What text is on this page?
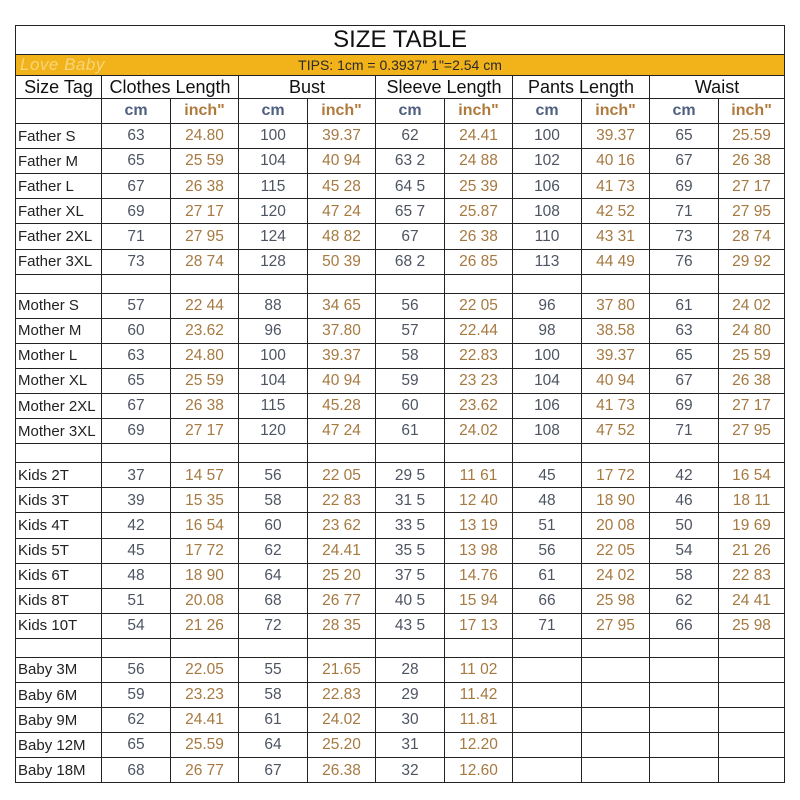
SIZE TABLE										

Love Baby TIPS: 1cm = 0.3937" 1"=2.54 cm										
Size Tag	Clothes Length		Bust		Sleeve Length		Pants Length		Waist	
	cm	inch"	cm	inch"	cm	inch"	cm	inch"	cm	inch"
Father S	63	24.80	100	39.37	62	24.41	100	39.37	65	25.59
Father M	65	25 59	104	40 94	63 2	24 88	102	40 16	67	26 38
Father L	67	26 38	115	45 28	64 5	25 39	106	41 73	69	27 17
Father XL	69	27 17	120	47 24	65 7	25.87	108	42 52	71	27 95
Father 2XL	71	27 95	124	48 82	67	26 38	110	43 31	73	28 74
Father 3XL	73	28 74	128	50 39	68 2	26 85	113	44 49	76	29 92

Mother S	57	22 44	88	34 65	56	22 05	96	37 80	61	24 02
Mother M	60	23.62	96	37.80	57	22.44	98	38.58	63	24 80
Mother L	63	24.80	100	39.37	58	22.83	100	39.37	65	25 59
Mother XL	65	25 59	104	40 94	59	23 23	104	40 94	67	26 38
Mother 2XL	67	26 38	115	45.28	60	23.62	106	41 73	69	27 17
Mother 3XL	69	27 17	120	47 24	61	24.02	108	47 52	71	27 95

Kids 2T	37	14 57	56	22 05	29 5	11 61	45	17 72	42	16 54
Kids 3T	39	15 35	58	22 83	31 5	12 40	48	18 90	46	18 11
Kids 4T	42	16 54	60	23 62	33 5	13 19	51	20 08	50	19 69
Kids 5T	45	17 72	62	24.41	35 5	13 98	56	22 05	54	21 26
Kids 6T	48	18 90	64	25 20	37 5	14.76	61	24 02	58	22 83
Kids 8T	51	20.08	68	26 77	40 5	15 94	66	25 98	62	24 41
Kids 10T	54	21 26	72	28 35	43 5	17 13	71	27 95	66	25 98

Baby 3M	56	22.05	55	21.65	28	11 02				
Baby 6M	59	23.23	58	22.83	29	11.42				
Baby 9M	62	24.41	61	24.02	30	11.81				
Baby 12M	65	25.59	64	25.20	31	12.20				
Baby 18M	68	26 77	67	26.38	32	12.60				
